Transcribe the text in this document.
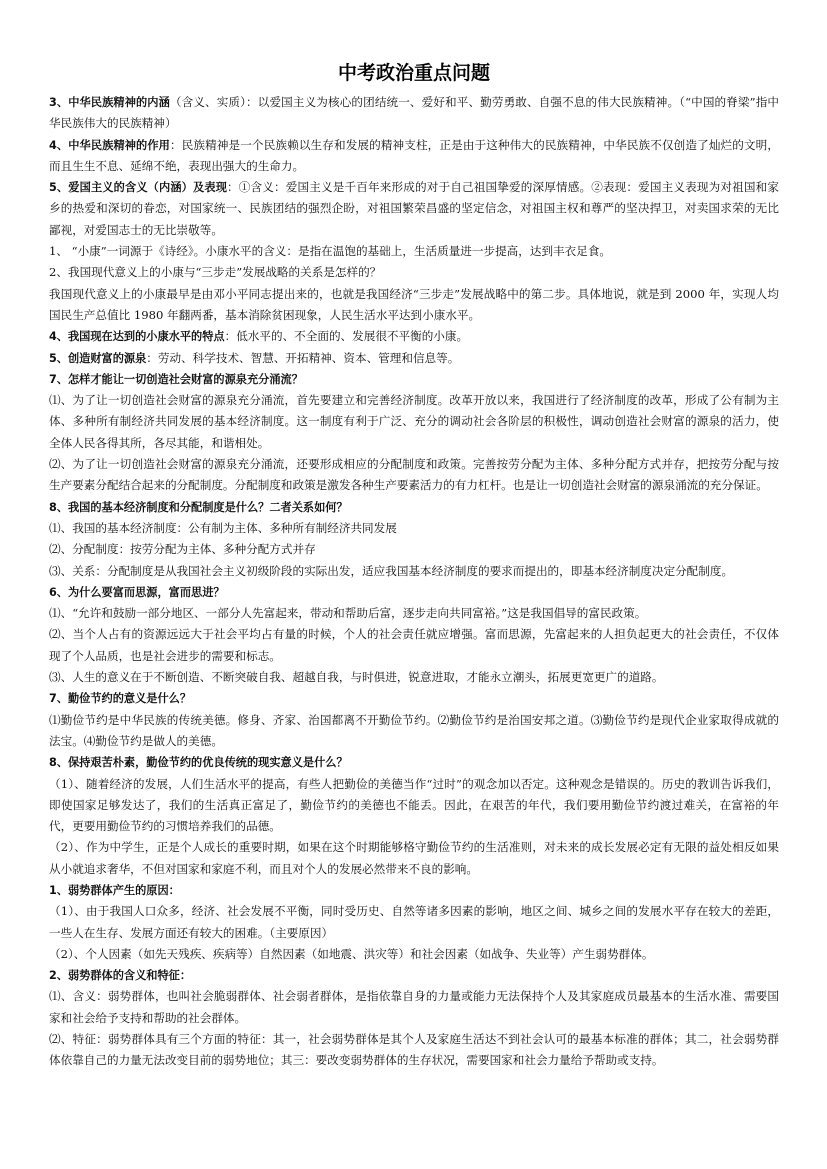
中考政治重点问题
3、中华民族精神的内涵（含义、实质）：以爱国主义为核心的团结统一、爱好和平、勤劳勇敢、自强不息的伟大民族精神。（“中国的脊梁”指中华民族伟大的民族精神）
4、中华民族精神的作用：民族精神是一个民族赖以生存和发展的精神支柱，正是由于这种伟大的民族精神，中华民族不仅创造了灿烂的文明，而且生生不息、延绵不绝，表现出强大的生命力。
5、爱国主义的含义（内涵）及表现：①含义：爱国主义是千百年来形成的对于自己祖国挚爱的深厚情感。②表现：爱国主义表现为对祖国和家乡的热爱和深切的眷恋，对国家统一、民族团结的强烈企盼，对祖国繁荣昌盛的坚定信念，对祖国主权和尊严的坚决捍卫，对卖国求荣的无比鄙视，对爱国志士的无比崇敬等。
1、 “小康”一词源于《诗经》。小康水平的含义：是指在温饱的基础上，生活质量进一步提高，达到丰衣足食。
2、我国现代意义上的小康与“三步走”发展战略的关系是怎样的？
我国现代意义上的小康最早是由邓小平同志提出来的，也就是我国经济“三步走”发展战略中的第二步。具体地说，就是到 2000 年，实现人均国民生产总值比 1980 年翻两番，基本消除贫困现象，人民生活水平达到小康水平。
4、我国现在达到的小康水平的特点：低水平的、不全面的、发展很不平衡的小康。
5、创造财富的源泉：劳动、科学技术、智慧、开拓精神、资本、管理和信息等。
7、怎样才能让一切创造社会财富的源泉充分涌流？
⑴、为了让一切创造社会财富的源泉充分涌流，首先要建立和完善经济制度。改革开放以来，我国进行了经济制度的改革，形成了公有制为主体、多种所有制经济共同发展的基本经济制度。这一制度有利于广泛、充分的调动社会各阶层的积极性，调动创造社会财富的源泉的活力，使全体人民各得其所，各尽其能，和谐相处。
⑵、为了让一切创造社会财富的源泉充分涌流，还要形成相应的分配制度和政策。完善按劳分配为主体、多种分配方式并存，把按劳分配与按生产要素分配结合起来的分配制度。分配制度和政策是激发各种生产要素活力的有力杠杆。也是让一切创造社会财富的源泉涌流的充分保证。
8、我国的基本经济制度和分配制度是什么？二者关系如何？
⑴、我国的基本经济制度：公有制为主体、多种所有制经济共同发展
⑵、分配制度：按劳分配为主体、多种分配方式并存
⑶、关系：分配制度是从我国社会主义初级阶段的实际出发，适应我国基本经济制度的要求而提出的，即基本经济制度决定分配制度。
6、为什么要富而思源，富而思进？
⑴、“允许和鼓励一部分地区、一部分人先富起来，带动和帮助后富，逐步走向共同富裕。”这是我国倡导的富民政策。
⑵、当个人占有的资源远远大于社会平均占有量的时候，个人的社会责任就应增强。富而思源，先富起来的人担负起更大的社会责任，不仅体现了个人品质，也是社会进步的需要和标志。
⑶、人生的意义在于不断创造、不断突破自我、超越自我，与时俱进，锐意进取，才能永立潮头，拓展更宽更广的道路。
7、勤俭节约的意义是什么？
⑴勤俭节约是中华民族的传统美德。修身、齐家、治国都离不开勤俭节约。⑵勤俭节约是治国安邦之道。⑶勤俭节约是现代企业家取得成就的法宝。⑷勤俭节约是做人的美德。
8、保持艰苦朴素，勤俭节约的优良传统的现实意义是什么？
（1）、随着经济的发展，人们生活水平的提高，有些人把勤俭的美德当作“过时”的观念加以否定。这种观念是错误的。历史的教训告诉我们，即使国家足够发达了，我们的生活真正富足了，勤俭节约的美德也不能丢。因此，在艰苦的年代，我们要用勤俭节约渡过难关，在富裕的年代，更要用勤俭节约的习惯培养我们的品德。
（2）、作为中学生，正是个人成长的重要时期，如果在这个时期能够格守勤俭节约的生活准则，对未来的成长发展必定有无限的益处相反如果从小就追求奢华，不但对国家和家庭不利，而且对个人的发展必然带来不良的影响。
1、弱势群体产生的原因：
（1）、由于我国人口众多，经济、社会发展不平衡，同时受历史、自然等诸多因素的影响，地区之间、城乡之间的发展水平存在较大的差距，一些人在生存、发展方面还有较大的困难。（主要原因）
（2）、个人因素（如先天残疾、疾病等）自然因素（如地震、洪灾等）和社会因素（如战争、失业等）产生弱势群体。
2、弱势群体的含义和特征：
⑴、含义：弱势群体，也叫社会脆弱群体、社会弱者群体，是指依靠自身的力量或能力无法保持个人及其家庭成员最基本的生活水准、需要国家和社会给予支持和帮助的社会群体。
⑵、特征：弱势群体具有三个方面的特征：其一，社会弱势群体是其个人及家庭生活达不到社会认可的最基本标准的群体；其二，社会弱势群体依靠自己的力量无法改变目前的弱势地位；其三：要改变弱势群体的生存状况，需要国家和社会力量给予帮助或支持。
